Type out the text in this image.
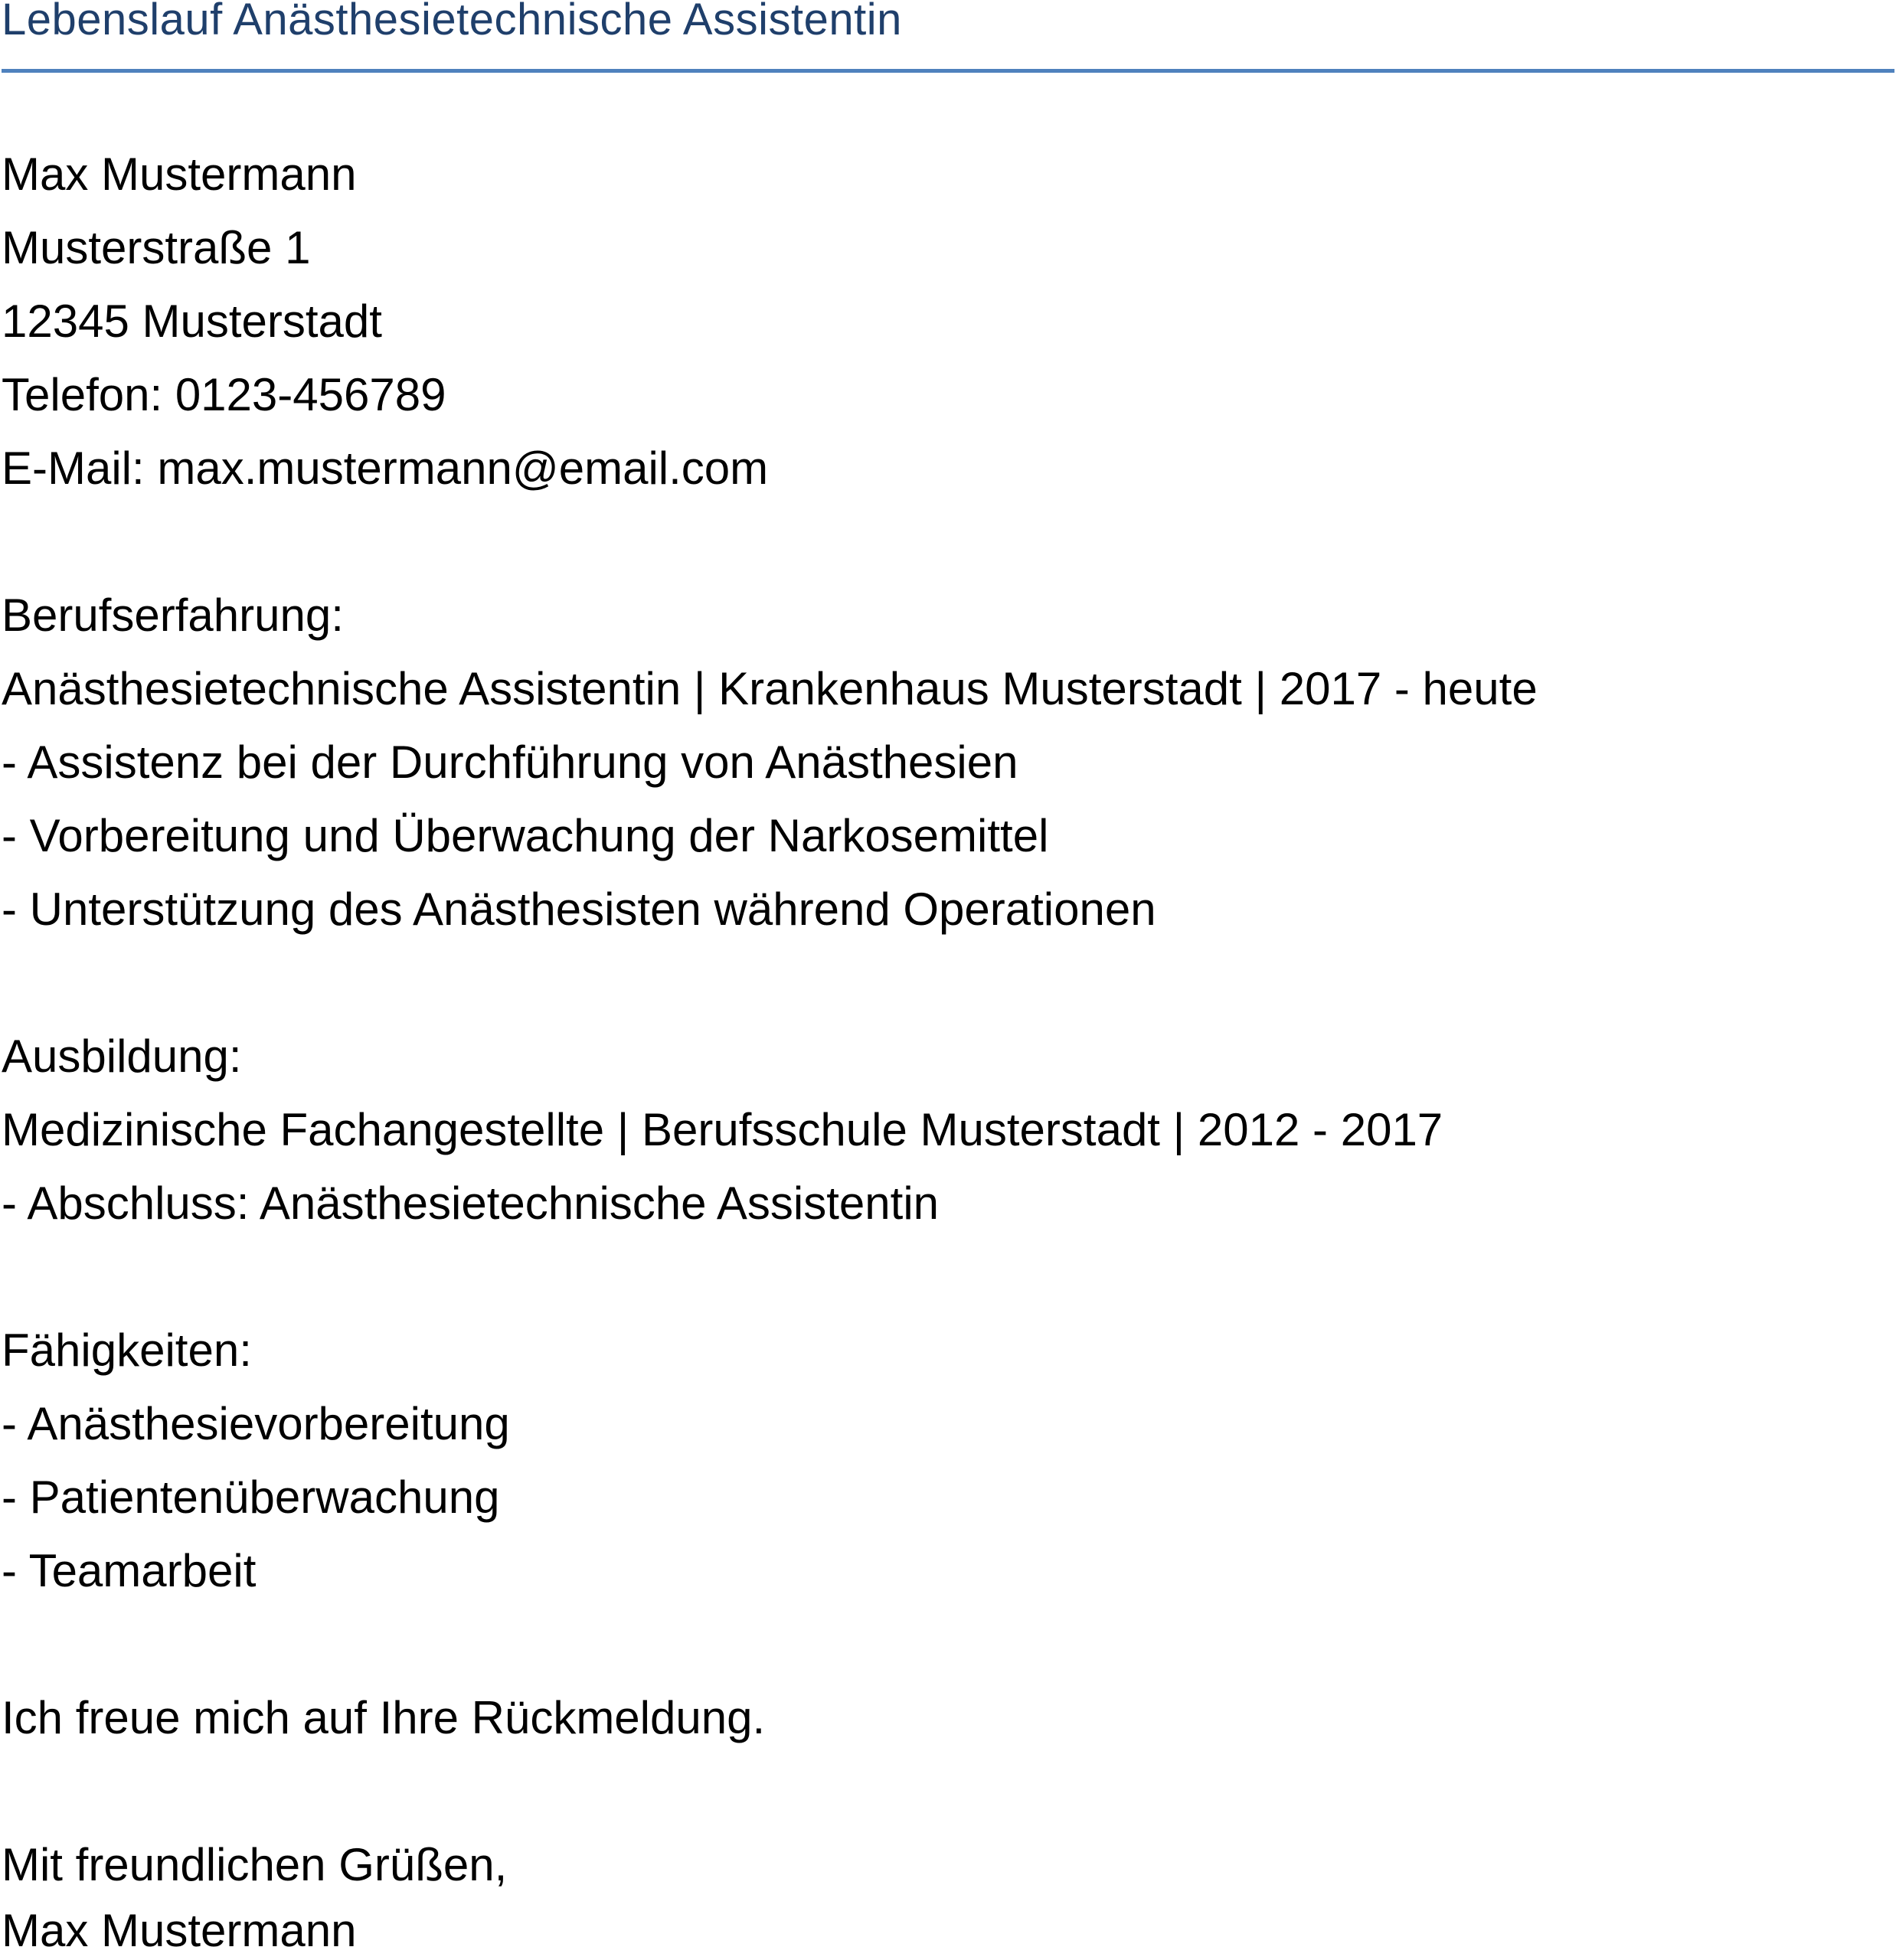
Lebenslauf Anästhesietechnische Assistentin

Max Mustermann

Musterstraße 1

12345 Musterstadt

Telefon: 0123-456789

E-Mail: max.mustermann@email.com

Berufserfahrung:

Anästhesietechnische Assistentin | Krankenhaus Musterstadt | 2017 - heute

- Assistenz bei der Durchführung von Anästhesien

- Vorbereitung und Überwachung der Narkosemittel

- Unterstützung des Anästhesisten während Operationen

Ausbildung:

Medizinische Fachangestellte | Berufsschule Musterstadt | 2012 - 2017

- Abschluss: Anästhesietechnische Assistentin

Fähigkeiten:

- Anästhesievorbereitung

- Patientenüberwachung

- Teamarbeit

Ich freue mich auf Ihre Rückmeldung.

Mit freundlichen Grüßen,

Max Mustermann
